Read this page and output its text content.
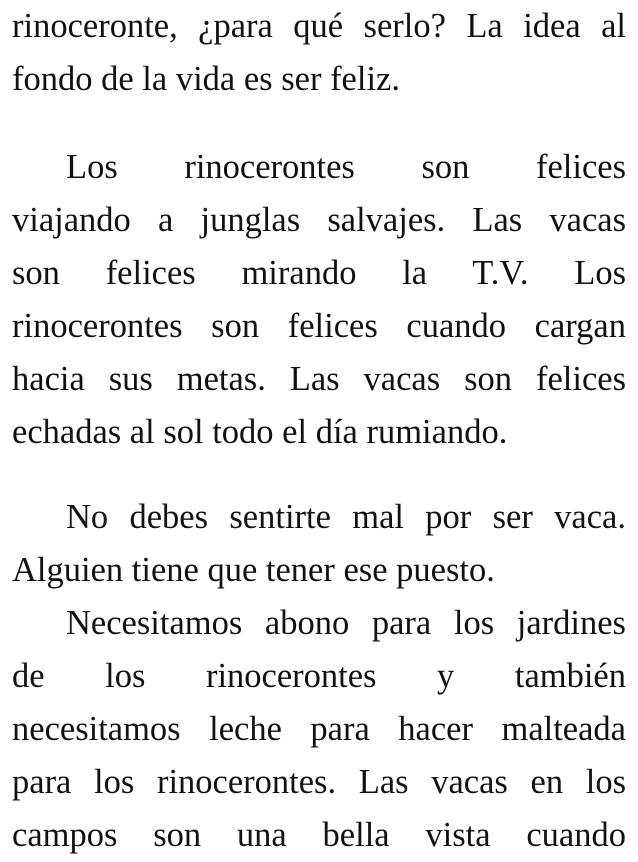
rinoceronte, ¿para qué serlo? La idea al
fondo de la vida es ser feliz.
Los rinocerontes son felices
viajando a junglas salvajes. Las vacas
son felices mirando la T.V. Los
rinocerontes son felices cuando cargan
hacia sus metas. Las vacas son felices
echadas al sol todo el día rumiando.
No debes sentirte mal por ser vaca.
Alguien tiene que tener ese puesto.
Necesitamos abono para los jardines
de los rinocerontes y también
necesitamos leche para hacer malteada
para los rinocerontes. Las vacas en los
campos son una bella vista cuando
